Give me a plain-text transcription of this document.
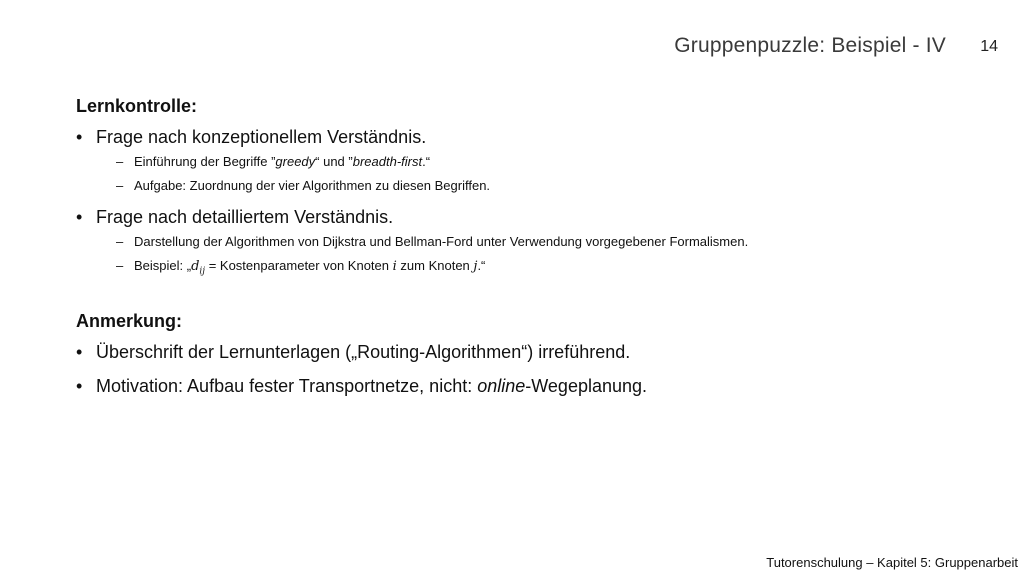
Gruppenpuzzle: Beispiel - IV 14
Lernkontrolle:
• Frage nach konzeptionellem Verständnis.
– Einführung der Begriffe ”greedy“ und ”breadth-first.“
– Aufgabe: Zuordnung der vier Algorithmen zu diesen Begriffen.
• Frage nach detailliertem Verständnis.
– Darstellung der Algorithmen von Dijkstra und Bellman-Ford unter Verwendung vorgegebener Formalismen.
– Beispiel: $„d_{ij}$ = Kostenparameter von Knoten i zum Knoten j.“
Anmerkung:
• Überschrift der Lernunterlagen („Routing-Algorithmen“) irreführend.
• Motivation: Aufbau fester Transportnetze, nicht: online-Wegeplanung.
Tutorenschulung – Kapitel 5: Gruppenarbeit
